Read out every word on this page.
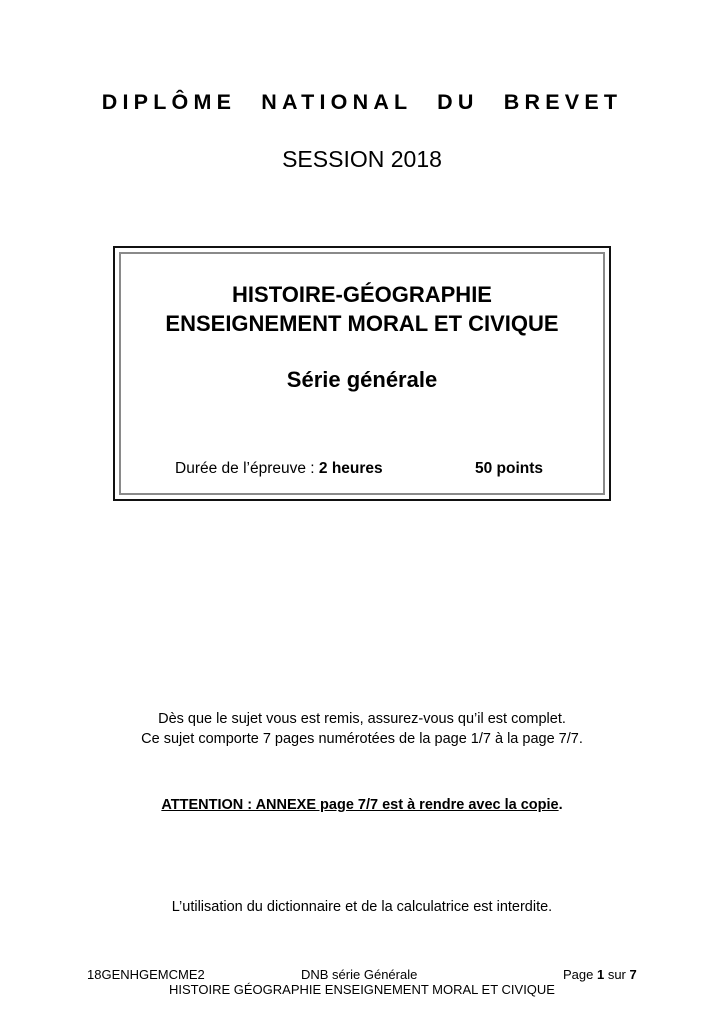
DIPLÔME NATIONAL DU BREVET
SESSION 2018
HISTOIRE-GÉOGRAPHIE
ENSEIGNEMENT MORAL ET CIVIQUE
Série générale
Durée de l’épreuve : 2 heures	50 points
Dès que le sujet vous est remis, assurez-vous qu’il est complet.
Ce sujet comporte 7 pages numérotées de la page 1/7 à la page 7/7.
ATTENTION : ANNEXE page 7/7 est à rendre avec la copie.
L’utilisation du dictionnaire et de la calculatrice est interdite.
18GENHGEMCME2	DNB série Générale	Page 1 sur 7
HISTOIRE GÉOGRAPHIE ENSEIGNEMENT MORAL ET CIVIQUE
